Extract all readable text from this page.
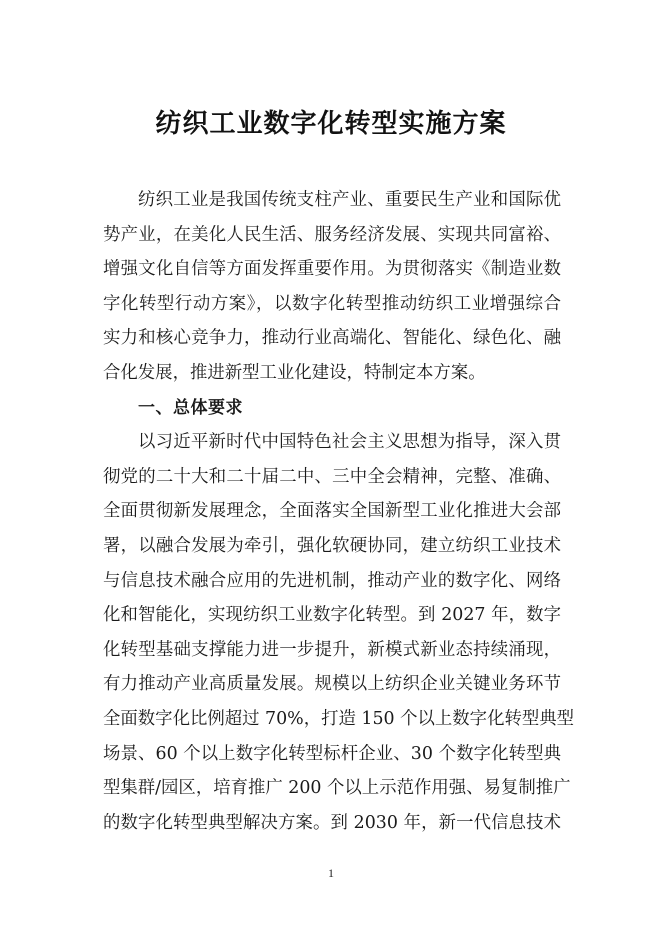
纺织工业数字化转型实施方案
纺织工业是我国传统支柱产业、重要民生产业和国际优
势产业，在美化人民生活、服务经济发展、实现共同富裕、
增强文化自信等方面发挥重要作用。为贯彻落实《制造业数
字化转型行动方案》，以数字化转型推动纺织工业增强综合
实力和核心竞争力，推动行业高端化、智能化、绿色化、融
合化发展，推进新型工业化建设，特制定本方案。
一、总体要求
以习近平新时代中国特色社会主义思想为指导，深入贯
彻党的二十大和二十届二中、三中全会精神，完整、准确、
全面贯彻新发展理念，全面落实全国新型工业化推进大会部
署，以融合发展为牵引，强化软硬协同，建立纺织工业技术
与信息技术融合应用的先进机制，推动产业的数字化、网络
化和智能化，实现纺织工业数字化转型。到 2027 年，数字
化转型基础支撑能力进一步提升，新模式新业态持续涌现，
有力推动产业高质量发展。规模以上纺织企业关键业务环节
全面数字化比例超过 70%，打造 150 个以上数字化转型典型
场景、60 个以上数字化转型标杆企业、30 个数字化转型典
型集群/园区，培育推广 200 个以上示范作用强、易复制推广
的数字化转型典型解决方案。到 2030 年，新一代信息技术
1
